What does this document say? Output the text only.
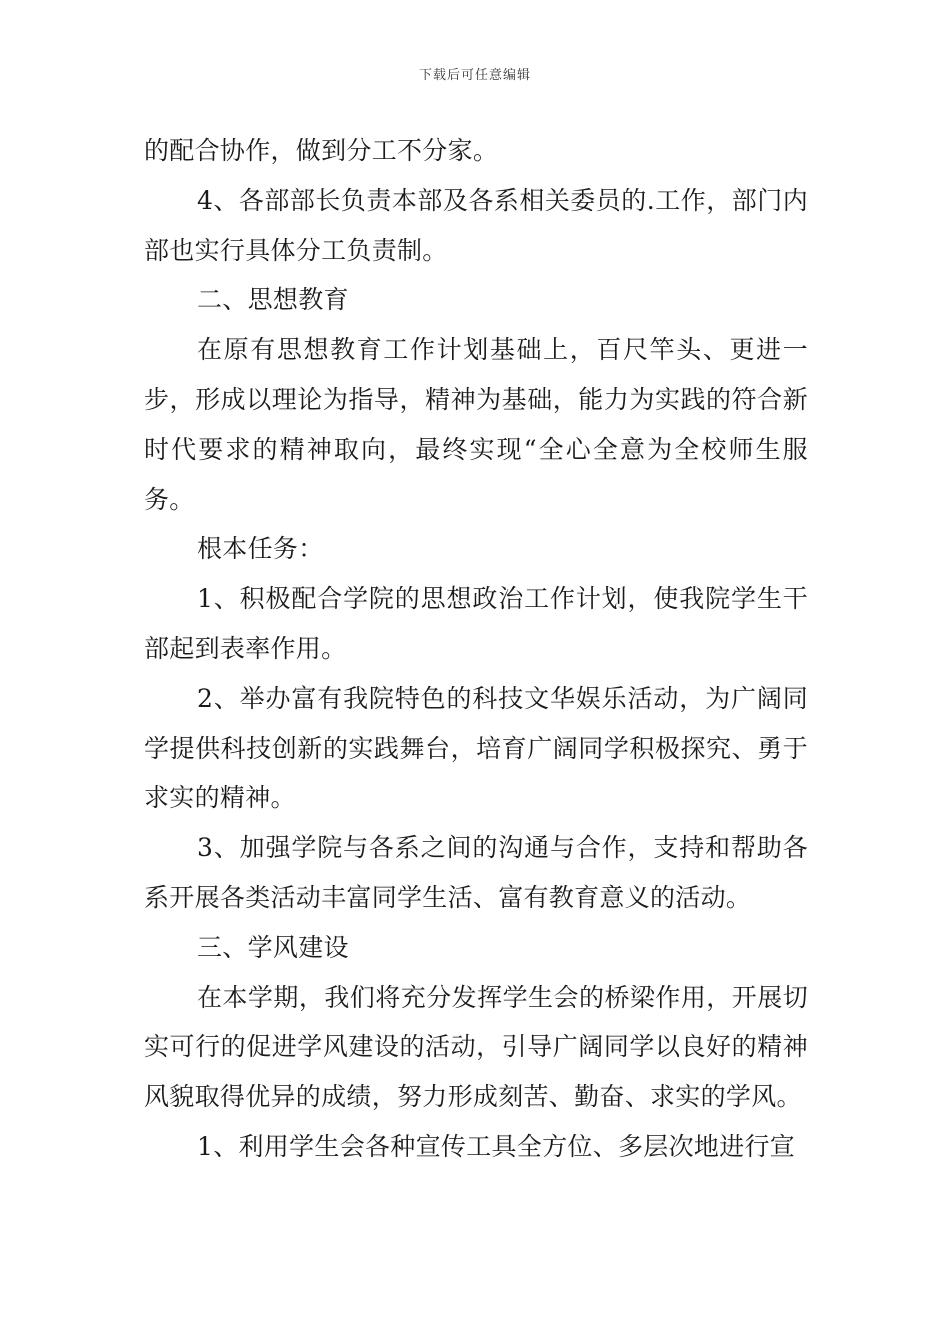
下载后可任意编辑

的配合协作，做到分工不分家。

4、各部部长负责本部及各系相关委员的.工作，部门内部也实行具体分工负责制。

二、思想教育

在原有思想教育工作计划基础上，百尺竿头、更进一步，形成以理论为指导，精神为基础，能力为实践的符合新时代要求的精神取向，最终实现“全心全意为全校师生服务。

根本任务：

1、积极配合学院的思想政治工作计划，使我院学生干部起到表率作用。

2、举办富有我院特色的科技文华娱乐活动，为广阔同学提供科技创新的实践舞台，培育广阔同学积极探究、勇于求实的精神。

3、加强学院与各系之间的沟通与合作，支持和帮助各系开展各类活动丰富同学生活、富有教育意义的活动。

三、学风建设

在本学期，我们将充分发挥学生会的桥梁作用，开展切实可行的促进学风建设的活动，引导广阔同学以良好的精神风貌取得优异的成绩，努力形成刻苦、勤奋、求实的学风。

1、利用学生会各种宣传工具全方位、多层次地进行宣
